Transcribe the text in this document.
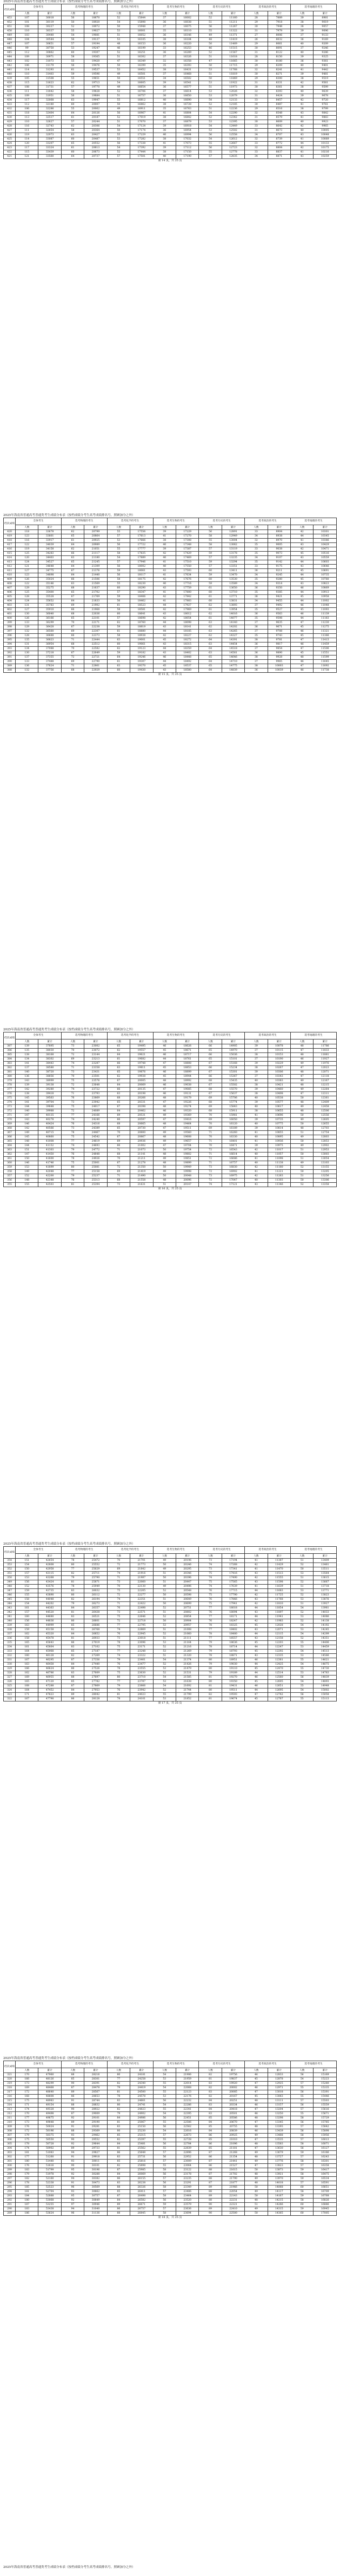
2025年海南省普通高考普通类考生成绩分布表（按档成绩分考生高考成绩排名号，照顾加分之外）
档次成绩	全体考生		选考物理的考生		选考化学的考生		选考生物的考生		选考历史的考生		选考政治的考生		选考地理的考生	
	人数	累计	人数	累计	人数	累计	人数	累计	人数	累计	人数	累计	人数	累计
453	107	30018	56	18870	52	15844	37	16002	52	11160	28	7889	39	8981
452	101	30119	50	18920	54	15898	36	16038	51	11211	29	7918	38	9019
451	108	30227	52	18972	50	15948	37	16075	56	11267	30	7948	38	9057
450	110	30337	55	19027	53	16001	35	16110	55	11322	31	7979	39	9096
449	103	30440	54	19081	51	16052	36	16146	49	11371	27	8006	37	9133
448	104	30544	56	19137	53	16105	38	16184	48	11419	26	8032	36	9169
447	107	30651	57	19194	48	16153	36	16220	50	11469	29	8061	40	9209
446	99	30750	53	19247	46	16199	33	16253	46	11515	30	8091	37	9246
445	112	30862	60	19307	52	16251	36	16289	52	11567	31	8122	40	9286
444	109	30971	58	19365	51	16302	37	16326	51	11618	28	8150	39	9325
443	102	31073	55	19420	47	16349	32	16358	47	11665	30	8180	36	9361
442	106	31179	56	19476	50	16399	35	16393	50	11715	29	8209	40	9401
441	114	31293	61	19537	53	16452	38	16431	53	11768	32	8241	41	9442
440	110	31403	59	19596	49	16501	37	16468	51	11819	30	8271	39	9481
439	105	31508	55	19651	50	16551	34	16502	50	11869	29	8300	38	9519
438	115	31623	62	19713	54	16605	39	16541	53	11922	31	8331	42	9561
437	108	31731	57	19770	49	16654	36	16577	51	11973	30	8361	38	9599
436	111	31842	58	19828	52	16706	37	16614	53	12026	32	8393	40	9639
435	109	31951	56	19884	51	16757	36	16650	53	12079	31	8424	39	9678
434	117	32068	63	19947	55	16812	40	16690	54	12133	33	8457	42	9720
433	112	32180	60	20007	50	16862	38	16728	52	12185	30	8487	41	9761
432	106	32286	55	20062	49	16911	35	16763	51	12236	29	8516	38	9799
431	118	32404	64	20126	56	16967	41	16804	54	12290	32	8548	43	9842
430	113	32517	61	20187	52	17019	38	16842	52	12342	31	8579	41	9883
429	110	32627	57	20244	51	17070	37	16879	53	12395	30	8609	40	9923
428	116	32743	62	20306	54	17124	39	16918	54	12449	33	8642	42	9965
427	111	32854	58	20364	50	17174	36	16954	53	12502	31	8673	40	10005
426	119	32973	63	20427	55	17229	40	16994	56	12558	34	8707	43	10048
425	114	33087	60	20487	53	17282	38	17032	54	12612	32	8739	41	10089
424	120	33207	65	20552	56	17338	41	17073	55	12667	33	8772	44	10133
423	117	33324	61	20613	54	17392	39	17112	56	12723	32	8804	42	10175
422	115	33439	60	20673	52	17444	38	17150	55	12778	33	8837	41	10216
421	121	33560	64	20737	57	17501	40	17190	57	12835	34	8871	43	10259
第 14 页，共 25 页
2025年海南省普通高考普通类考生成绩分布表（按档成绩分考生高考成绩排名号，照顾加分之外）
档次成绩	全体考生		选考物理的考生		选考化学的考生		选考生物的考生		选考历史的考生		选考政治的考生		选考地理的考生	
	人数	累计	人数	累计	人数	累计	人数	累计	人数	累计	人数	累计	人数	累计
420	118	33678	62	20799	55	17556	39	17229	56	12891	33	8904	42	10301
419	123	33801	65	20864	57	17613	41	17270	58	12949	34	8938	44	10345
418	116	33917	61	20925	53	17666	38	17308	55	13004	32	8970	41	10386
417	122	34039	64	20989	56	17722	40	17348	58	13062	35	9005	43	10429
416	119	34158	62	21051	55	17777	39	17387	57	13119	33	9038	42	10471
415	125	34283	66	21117	58	17835	42	17429	59	13178	35	9073	45	10516
414	120	34403	63	21180	54	17889	40	17469	57	13235	34	9107	43	10559
413	124	34527	65	21245	57	17946	41	17510	59	13294	35	9142	44	10603
412	121	34648	64	21309	56	18002	40	17550	57	13351	33	9175	43	10646
411	127	34775	67	21376	59	18061	43	17593	60	13411	36	9211	45	10691
410	123	34898	64	21440	56	18117	41	17634	59	13470	34	9245	44	10735
409	126	35024	66	21506	58	18175	42	17676	60	13530	35	9280	45	10780
408	122	35146	63	21569	55	18230	40	17716	59	13589	34	9314	43	10823
407	129	35275	68	21637	60	18290	43	17759	61	13650	36	9350	46	10869
406	125	35400	65	21702	57	18347	41	17800	60	13710	35	9385	44	10913
405	128	35528	67	21769	59	18406	42	17842	61	13771	36	9421	45	10958
404	124	35652	64	21833	56	18462	41	17883	60	13831	34	9455	44	11002
403	131	35783	69	21902	61	18523	44	17927	62	13893	37	9492	46	11048
402	127	35910	66	21968	58	18581	42	17969	61	13954	35	9527	45	11093
401	130	36040	68	22036	60	18641	43	18012	62	14016	36	9563	46	11139
400	126	36166	65	22101	57	18698	42	18054	61	14077	35	9598	44	11183
399	133	36299	70	22171	62	18760	44	18098	63	14140	37	9635	47	11230
398	129	36428	67	22238	59	18819	43	18141	62	14202	36	9671	45	11275
397	132	36560	69	22307	61	18880	44	18185	63	14265	37	9708	46	11321
396	128	36688	66	22373	58	18938	42	18227	62	14327	35	9743	45	11366
395	135	36823	71	22444	63	19001	45	18272	64	14391	38	9781	47	11413
394	131	36954	68	22512	60	19061	43	18315	63	14454	36	9817	46	11459
393	134	37088	70	22582	62	19123	44	18359	64	14518	37	9854	47	11506
392	130	37218	67	22649	59	19182	43	18402	63	14581	36	9890	45	11551
391	137	37355	72	22721	64	19246	46	18448	65	14646	38	9928	48	11599
390	133	37488	69	22790	61	19307	44	18492	64	14710	37	9965	46	11645
389	136	37624	71	22861	63	19370	45	18537	65	14775	38	10003	47	11692
388	132	37756	68	22929	60	19430	43	18580	64	14839	36	10039	46	11738
第 15 页，共 25 页
2025年海南省普通高考普通类考生成绩分布表（按档成绩分考生高考成绩排名号，照顾加分之外）
档次成绩	全体考生		选考物理的考生		选考化学的考生		选考生物的考生		选考历史的考生		选考政治的考生		选考地理的考生	
	人数	累计	人数	累计	人数	累计	人数	累计	人数	累计	人数	累计	人数	累计
387	139	37895	73	23002	65	19495	46	18626	66	14905	39	10078	48	11786
386	135	38030	70	23072	62	19557	45	18671	65	14970	37	10115	47	11833
385	138	38168	72	23144	64	19621	46	18717	66	15036	38	10153	48	11881
384	134	38302	69	23213	61	19682	44	18761	65	15101	37	10190	46	11927
383	141	38443	74	23287	66	19748	47	18808	67	15168	39	10229	49	11976
382	137	38580	71	23358	63	19811	45	18853	66	15234	38	10267	47	12023
381	140	38720	73	23431	65	19876	46	18899	67	15301	39	10306	48	12071
380	136	38856	70	23501	62	19938	45	18944	66	15367	37	10343	47	12118
379	143	38999	75	23576	67	20005	48	18992	68	15435	40	10383	49	12167
378	139	39138	72	23648	64	20069	46	19038	67	15502	38	10421	48	12215
377	142	39280	74	23722	66	20135	47	19085	68	15570	39	10460	49	12264
376	138	39418	71	23793	63	20198	46	19131	67	15637	38	10498	47	12311
375	145	39563	76	23869	68	20266	48	19179	69	15706	40	10538	50	12361
374	141	39704	73	23942	65	20331	47	19226	68	15774	39	10577	48	12409
373	144	39848	75	24017	67	20398	48	19274	69	15843	40	10617	49	12458
372	140	39988	72	24089	64	20462	46	19320	68	15911	38	10655	48	12506
371	147	40135	77	24166	69	20531	49	19369	70	15981	41	10696	50	12556
370	143	40278	74	24240	66	20597	47	19416	69	16050	39	10735	49	12605
369	146	40424	76	24316	68	20665	48	19464	70	16120	40	10775	50	12655
368	142	40566	73	24389	65	20730	47	19511	69	16189	39	10814	48	12703
367	149	40715	78	24467	70	20800	49	19560	71	16260	41	10855	51	12754
366	145	40860	75	24542	67	20867	48	19608	70	16330	40	10895	49	12803
365	148	41008	77	24619	69	20936	49	19657	71	16401	41	10936	50	12853
364	144	41152	74	24693	66	21002	47	19704	70	16471	39	10975	49	12902
363	151	41303	79	24772	71	21073	50	19754	72	16543	42	11017	51	12953
362	147	41450	76	24848	68	21141	48	19802	71	16614	40	11057	50	13003
361	150	41600	78	24926	70	21211	49	19851	72	16686	41	11098	51	13054
360	146	41746	75	25001	67	21278	48	19899	71	16757	40	11138	49	13103
359	153	41899	80	25081	72	21350	50	19949	73	16830	42	11180	52	13155
358	149	42048	77	25158	69	21419	49	19998	72	16902	41	11221	50	13205
357	152	42200	79	25237	71	21490	50	20048	73	16975	42	11263	51	13256
356	148	42348	76	25313	68	21558	48	20096	72	17047	40	11303	50	13306
355	155	42503	81	25394	73	21631	51	20147	74	17121	43	11346	52	13358
第 16 页，共 25 页
2025年海南省普通高考普通类考生成绩分布表（按档成绩分考生高考成绩排名号，照顾加分之外）
档次成绩	全体考生		选考物理的考生		选考化学的考生		选考生物的考生		选考历史的考生		选考政治的考生		选考地理的考生	
	人数	累计	人数	累计	人数	累计	人数	累计	人数	累计	人数	累计	人数	累计
354	151	42654	78	25472	70	21701	49	20196	73	17194	41	11387	51	13409
353	154	42808	80	25552	72	21773	50	20246	74	17268	42	11429	52	13461
352	150	42958	77	25629	69	21842	49	20295	73	17341	41	11470	50	13511
351	157	43115	82	25711	74	21916	51	20346	75	17416	43	11513	53	13564
350	153	43268	79	25790	71	21987	50	20396	74	17490	42	11555	51	13615
349	156	43424	81	25871	73	22060	51	20447	75	17565	43	11598	52	13667
348	152	43576	78	25949	70	22130	49	20496	74	17639	41	11639	51	13718
347	159	43735	83	26032	75	22205	52	20548	76	17715	44	11683	53	13771
346	155	43890	80	26112	72	22277	50	20598	75	17790	42	11725	52	13823
345	158	44048	82	26194	74	22351	51	20649	76	17866	43	11768	53	13876
344	154	44202	79	26273	71	22422	50	20699	75	17941	42	11810	51	13927
343	161	44363	84	26357	76	22498	52	20751	77	18018	44	11854	54	13981
342	157	44520	81	26438	73	22571	51	20802	76	18094	43	11897	52	14033
341	160	44680	83	26521	75	22646	52	20854	77	18171	44	11941	53	14086
340	156	44836	80	26601	72	22718	50	20904	76	18247	42	11983	52	14138
339	163	44999	85	26686	77	22795	53	20957	78	18325	45	12028	54	14192
338	159	45158	82	26768	74	22869	51	21008	77	18402	43	12071	53	14245
337	162	45320	84	26852	76	22945	52	21060	78	18480	44	12115	54	14299
336	158	45478	81	26933	73	23018	51	21111	77	18557	43	12158	52	14351
335	165	45643	86	27019	78	23096	53	21164	79	18636	45	12203	55	14406
334	161	45804	83	27102	75	23171	52	21216	78	18714	44	12247	53	14459
333	164	45968	85	27187	77	23248	53	21269	79	18793	45	12292	54	14513
332	160	46128	82	27269	74	23322	51	21320	78	18871	43	12335	53	14566
331	167	46295	87	27356	79	23401	54	21374	80	18951	46	12381	55	14621
330	163	46458	84	27440	76	23477	52	21426	79	19030	44	12425	54	14675
329	166	46624	86	27526	78	23555	53	21479	80	19110	45	12470	55	14730
328	162	46786	83	27609	75	23630	52	21531	79	19189	44	12514	53	14783
327	169	46955	88	27697	80	23710	54	21585	81	19270	46	12560	56	14839
326	165	47120	85	27782	77	23787	53	21638	80	19350	45	12605	54	14893
325	168	47288	87	27869	79	23866	54	21692	81	19431	46	12651	55	14948
324	164	47452	84	27953	76	23942	52	21744	80	19511	44	12695	54	15002
323	171	47623	89	28042	81	24023	55	21799	82	19593	47	12742	56	15058
322	167	47790	86	28128	78	24101	53	21852	81	19674	45	12787	55	15113
第 17 页，共 25 页
2025年海南省普通高考普通类考生成绩分布表（按档成绩分考生高考成绩排名号，照顾加分之外）
档次成绩	全体考生		选考物理的考生		选考化学的考生		选考生物的考生		选考历史的考生		选考政治的考生		选考地理的考生	
	人数	累计	人数	累计	人数	累计	人数	累计	人数	累计	人数	累计	人数	累计
321	170	47960	88	28216	80	24181	54	21906	82	19756	46	12833	56	15169
320	166	48126	85	28301	77	24258	53	21959	81	19837	45	12878	54	15223
319	173	48299	90	28391	82	24340	55	22014	83	19920	47	12925	57	15280
318	169	48468	87	28478	79	24419	54	22068	82	20002	46	12971	55	15335
317	172	48640	89	28567	81	24500	55	22123	83	20085	47	13018	56	15391
316	168	48808	86	28653	78	24578	53	22176	82	20167	45	13063	55	15446
315	175	48983	91	28744	83	24661	56	22232	84	20251	48	13111	57	15503
314	171	49154	88	28832	80	24741	54	22286	83	20334	46	13157	56	15559
313	174	49328	90	28922	82	24823	55	22341	84	20418	47	13204	57	15616
312	170	49498	87	29009	79	24902	54	22395	83	20501	46	13250	55	15671
311	177	49675	92	29101	84	24986	56	22451	85	20586	48	13298	58	15729
310	173	49848	89	29190	81	25067	55	22506	84	20670	47	13345	56	15785
309	176	50024	91	29281	83	25150	56	22562	85	20755	48	13393	57	15842
308	172	50196	88	29369	80	25230	54	22616	84	20839	46	13439	56	15898
307	179	50375	93	29462	85	25315	57	22673	86	20925	49	13488	58	15956
306	175	50550	90	29552	82	25397	55	22728	85	21010	47	13535	57	16013
305	178	50728	92	29644	84	25481	56	22784	86	21096	48	13583	58	16071
304	174	50902	89	29733	81	25562	55	22839	85	21181	47	13630	56	16127
303	181	51083	94	29827	86	25648	57	22896	87	21268	49	13679	59	16186
302	177	51260	91	29918	83	25731	56	22952	86	21354	48	13727	57	16243
301	180	51440	93	30011	85	25816	57	23009	87	21441	49	13776	58	16301
300	176	51616	90	30101	82	25898	55	23064	86	21527	47	13823	57	16358
299	183	51799	95	30196	87	25985	58	23122	88	21615	50	13873	59	16417
298	179	51978	92	30288	84	26069	56	23178	87	21702	48	13921	58	16475
297	182	52160	94	30382	86	26155	57	23235	88	21790	49	13970	59	16534
296	178	52338	91	30473	83	26238	56	23291	87	21877	48	14018	57	16591
295	185	52523	96	30569	88	26326	58	23349	89	21966	50	14068	60	16651
294	181	52704	93	30662	85	26411	57	23406	88	22054	49	14117	58	16709
293	184	52888	95	30757	87	26498	58	23464	89	22143	50	14167	59	16768
292	180	53068	92	30849	84	26582	56	23520	88	22231	48	14215	58	16826
291	187	53255	97	30946	89	26671	59	23579	90	22321	51	14266	60	16886
290	183	53438	94	31040	86	26757	57	23636	89	22410	49	14315	59	16945
289	186	53624	96	31136	88	26845	58	23694	90	22500	50	14365	60	17005
第 18 页，共 25 页
2025年海南省普通高考普通类考生成绩分布表（按档成绩分考生高考成绩排名号，照顾加分之外）
